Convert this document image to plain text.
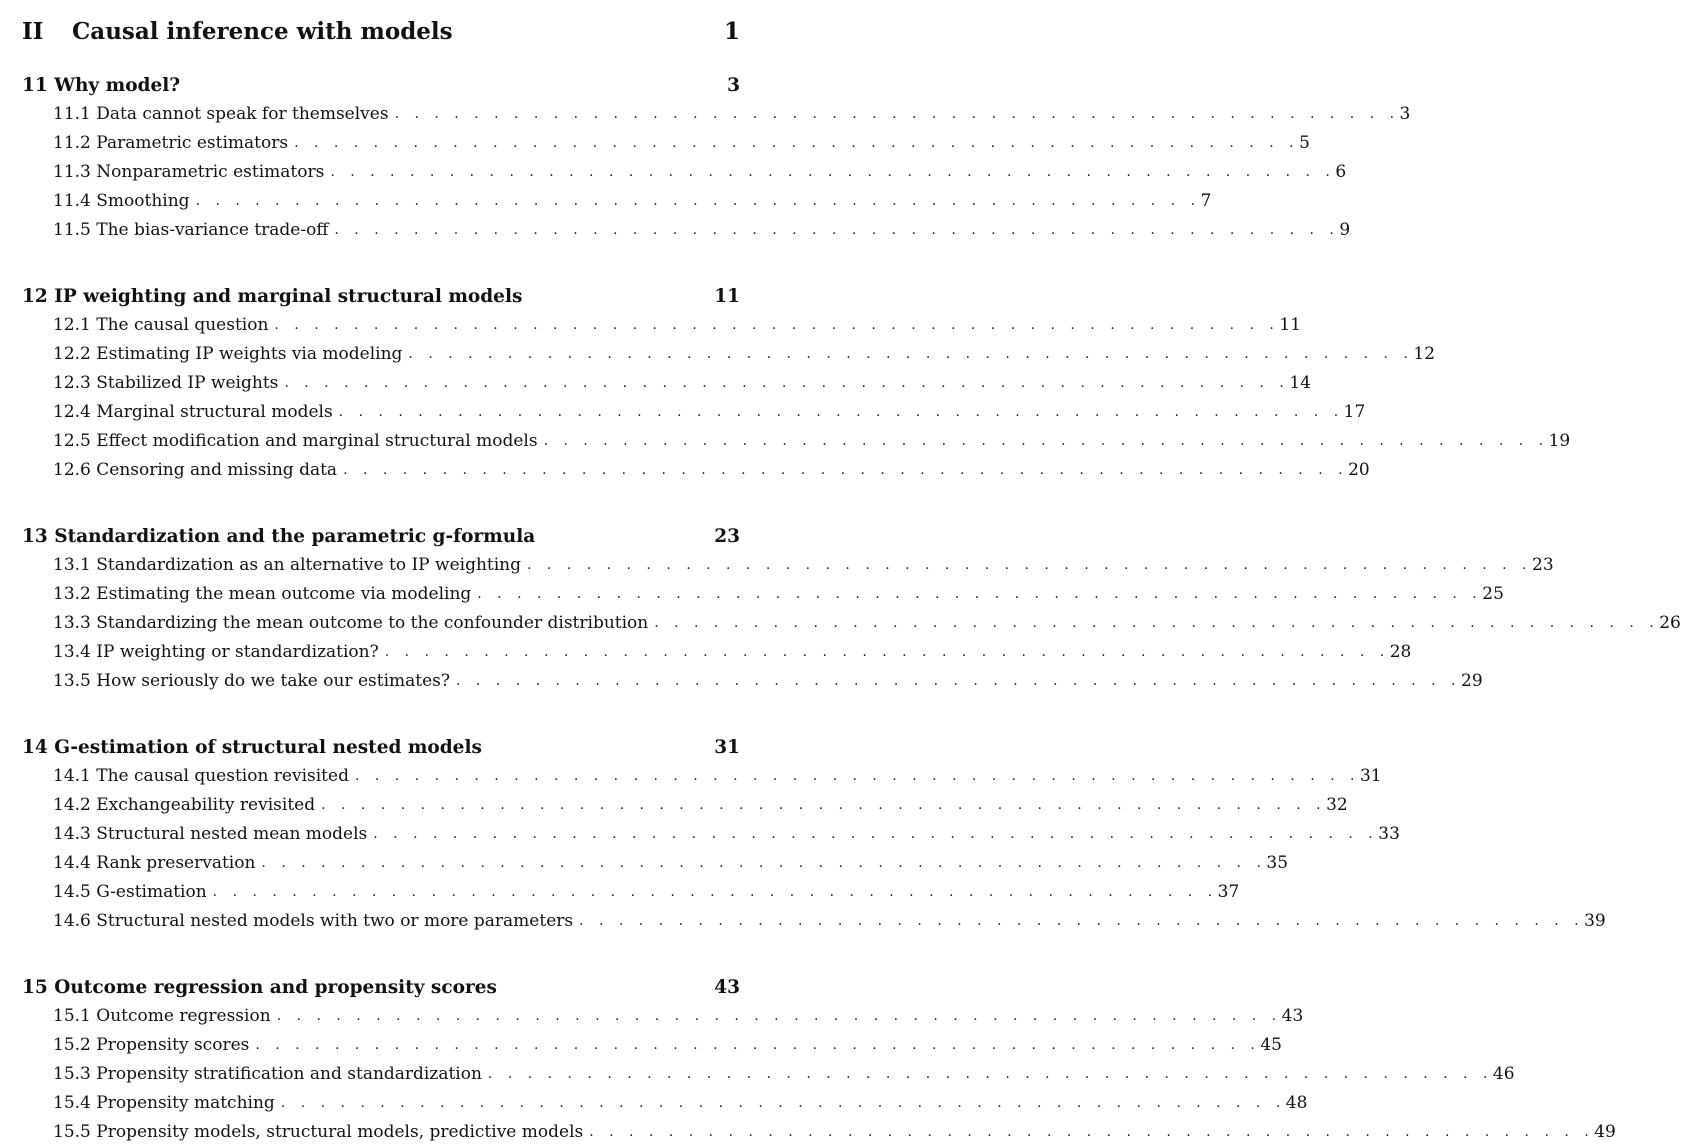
II Causal inference with models	1
11 Why model?	3
11.1 Data cannot speak for themselves . . . . . . . . . . . . . . . . . . . . . . . . . . . . . . . . . . . . . . . . . . . . . . . . . . . 3
11.2 Parametric estimators . . . . . . . . . . . . . . . . . . . . . . . . . . . . . . . . . . . . . . . . . . . . . . . . . . . 5
11.3 Nonparametric estimators . . . . . . . . . . . . . . . . . . . . . . . . . . . . . . . . . . . . . . . . . . . . . . . . . . . 6
11.4 Smoothing . . . . . . . . . . . . . . . . . . . . . . . . . . . . . . . . . . . . . . . . . . . . . . . . . . . 7
11.5 The bias-variance trade-off . . . . . . . . . . . . . . . . . . . . . . . . . . . . . . . . . . . . . . . . . . . . . . . . . . . 9
12 IP weighting and marginal structural models	11
12.1 The causal question . . . . . . . . . . . . . . . . . . . . . . . . . . . . . . . . . . . . . . . . . . . . . . . . . . . 11
12.2 Estimating IP weights via modeling . . . . . . . . . . . . . . . . . . . . . . . . . . . . . . . . . . . . . . . . . . . . . . . . . . . 12
12.3 Stabilized IP weights . . . . . . . . . . . . . . . . . . . . . . . . . . . . . . . . . . . . . . . . . . . . . . . . . . . 14
12.4 Marginal structural models . . . . . . . . . . . . . . . . . . . . . . . . . . . . . . . . . . . . . . . . . . . . . . . . . . . 17
12.5 Effect modification and marginal structural models . . . . . . . . . . . . . . . . . . . . . . . . . . . . . . . . . . . . . . . . . . . . . . . . . . . 19
12.6 Censoring and missing data . . . . . . . . . . . . . . . . . . . . . . . . . . . . . . . . . . . . . . . . . . . . . . . . . . . 20
13 Standardization and the parametric g-formula	23
13.1 Standardization as an alternative to IP weighting . . . . . . . . . . . . . . . . . . . . . . . . . . . . . . . . . . . . . . . . . . . . . . . . . . . 23
13.2 Estimating the mean outcome via modeling . . . . . . . . . . . . . . . . . . . . . . . . . . . . . . . . . . . . . . . . . . . . . . . . . . . 25
13.3 Standardizing the mean outcome to the confounder distribution . . . . . . . . . . . . . . . . . . . . . . . . . . . . . . . . . . . . . . . . . . . . . . . . . . . 26
13.4 IP weighting or standardization? . . . . . . . . . . . . . . . . . . . . . . . . . . . . . . . . . . . . . . . . . . . . . . . . . . . 28
13.5 How seriously do we take our estimates? . . . . . . . . . . . . . . . . . . . . . . . . . . . . . . . . . . . . . . . . . . . . . . . . . . . 29
14 G-estimation of structural nested models	31
14.1 The causal question revisited . . . . . . . . . . . . . . . . . . . . . . . . . . . . . . . . . . . . . . . . . . . . . . . . . . . 31
14.2 Exchangeability revisited . . . . . . . . . . . . . . . . . . . . . . . . . . . . . . . . . . . . . . . . . . . . . . . . . . . 32
14.3 Structural nested mean models . . . . . . . . . . . . . . . . . . . . . . . . . . . . . . . . . . . . . . . . . . . . . . . . . . . 33
14.4 Rank preservation . . . . . . . . . . . . . . . . . . . . . . . . . . . . . . . . . . . . . . . . . . . . . . . . . . . 35
14.5 G-estimation . . . . . . . . . . . . . . . . . . . . . . . . . . . . . . . . . . . . . . . . . . . . . . . . . . . 37
14.6 Structural nested models with two or more parameters . . . . . . . . . . . . . . . . . . . . . . . . . . . . . . . . . . . . . . . . . . . . . . . . . . . 39
15 Outcome regression and propensity scores	43
15.1 Outcome regression . . . . . . . . . . . . . . . . . . . . . . . . . . . . . . . . . . . . . . . . . . . . . . . . . . . 43
15.2 Propensity scores . . . . . . . . . . . . . . . . . . . . . . . . . . . . . . . . . . . . . . . . . . . . . . . . . . . 45
15.3 Propensity stratification and standardization . . . . . . . . . . . . . . . . . . . . . . . . . . . . . . . . . . . . . . . . . . . . . . . . . . . 46
15.4 Propensity matching . . . . . . . . . . . . . . . . . . . . . . . . . . . . . . . . . . . . . . . . . . . . . . . . . . . 48
15.5 Propensity models, structural models, predictive models . . . . . . . . . . . . . . . . . . . . . . . . . . . . . . . . . . . . . . . . . . . . . . . . . . . 49
